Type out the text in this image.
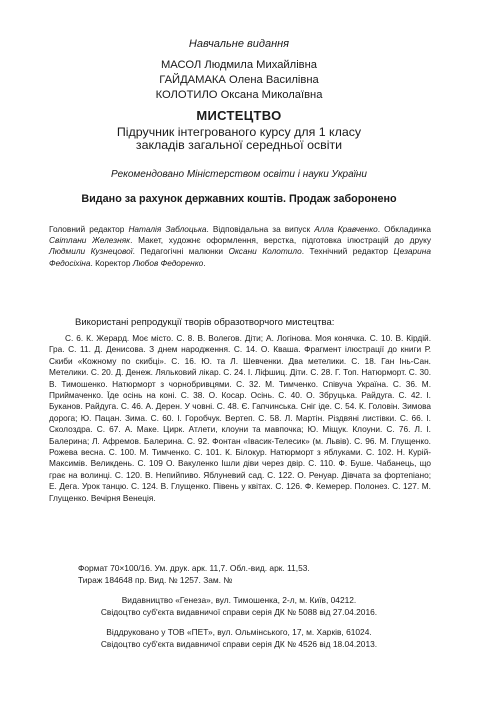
Навчальне видання
МАСОЛ Людмила Михайлівна
ГАЙДАМАКА Олена Василівна
КОЛОТИЛО Оксана Миколаївна
МИСТЕЦТВО
Підручник інтегрованого курсу для 1 класу
закладів загальної середньої освіти
Рекомендовано Міністерством освіти і науки України
Видано за рахунок державних коштів. Продаж заборонено

Головний редактор Наталія Заблоцька. Відповідальна за випуск Алла Кравченко. Обкладинка Світлани Железняк. Макет, художнє оформлення, верстка, підготовка ілюстрацій до друку Людмили Кузнецової. Педагогічні малюнки Оксани Колотило. Технічний редактор Цезарина Федосіхіна. Коректор Любов Федоренко.

Використані репродукції творів образотворчого мистецтва:

С. 6. К. Жерард. Моє місто. С. 8. В. Волегов. Діти; А. Логінова. Моя конячка. С. 10. В. Кірдій. Гра. С. 11. Д. Денисова. З днем народження. С. 14. О. Кваша. Фрагмент ілюстрації до книги Р. Скиби «Кожному по скибці». С. 16. Ю. та Л. Шевченки. Два метелики. С. 18. Ган Інь-Сан. Метелики. С. 20. Д. Денеж. Ляльковий лікар. С. 24. І. Ліфшиц. Діти. С. 28. Г. Топ. Натюрморт. С. 30. В. Тимошенко. Натюрморт з чорнобривцями. С. 32. М. Тимченко. Співуча Україна. С. 36. М. Приймаченко. Їде осінь на коні. С. 38. О. Косар. Осінь. С. 40. О. Збруцька. Райдуга. С. 42. І. Буканов. Райдуга. С. 46. А. Дерен. У човні. С. 48. Є. Гапчинська. Сніг іде. С. 54. К. Головін. Зимова дорога; Ю. Пацан. Зима. С. 60. І. Горобчук. Вертеп. С. 58. Л. Мартін. Різдвяні листівки. С. 66. І. Сколоздра. С. 67. А. Маке. Цирк. Атлети, клоуни та мавпочка; Ю. Міщук. Клоуни. С. 76. Л. І. Балерина; Л. Афремов. Балерина. С. 92. Фонтан «Івасик-Телесик» (м. Львів). С. 96. М. Глущенко. Рожева весна. С. 100. М. Тимченко. С. 101. К. Білокур. Натюрморт з яблуками. С. 102. Н. Курій-Максимів. Великдень. С. 109 О. Вакуленко Ішли діви через двір. С. 110. Ф. Буше. Чабанець, що грає на волинці. С. 120. В. Непийпиво. Яблуневий сад. С. 122. О. Ренуар. Дівчата за фортепіано; Е. Дега. Урок танцю. С. 124. В. Глущенко. Півень у квітах. С. 126. Ф. Кемерер. Полонез. С. 127. М. Глущенко. Вечірня Венеція.

Формат 70×100/16. Ум. друк. арк. 11,7. Обл.-вид. арк. 11,53.
Тираж 184648 пр. Вид. № 1257. Зам. №
Видавництво «Генеза», вул. Тимошенка, 2-л, м. Київ, 04212.
Свідоцтво суб'єкта видавничої справи серія ДК № 5088 від 27.04.2016.
Віддруковано у ТОВ «ПЕТ», вул. Ольмінського, 17, м. Харків, 61024.
Свідоцтво суб'єкта видавничої справи серія ДК № 4526 від 18.04.2013.
